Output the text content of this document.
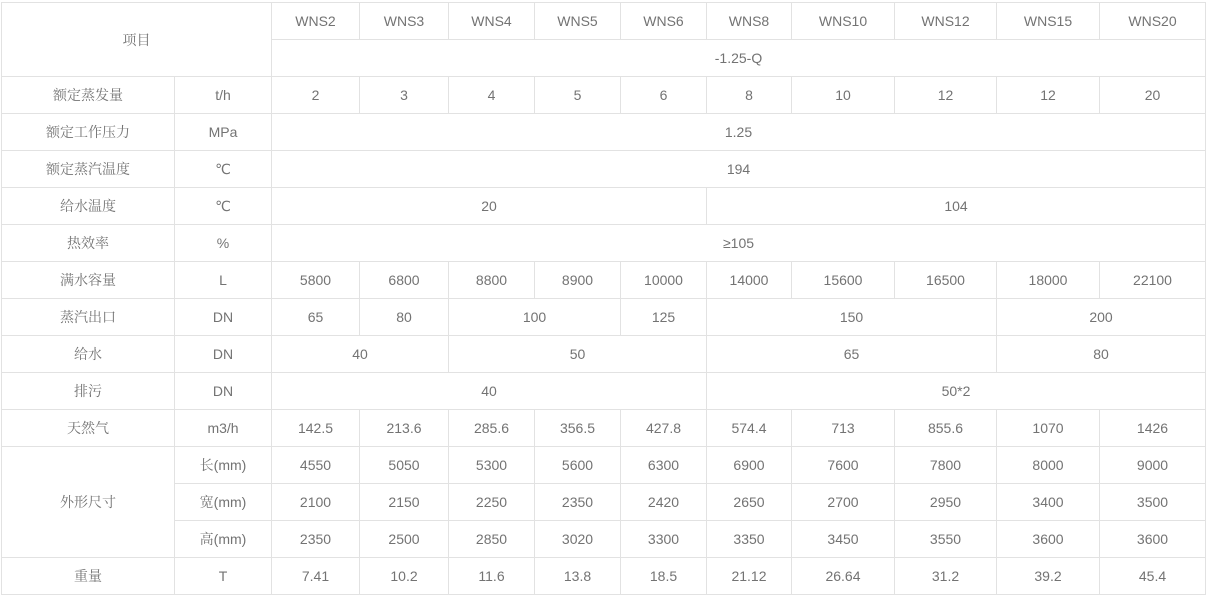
项目		WNS2	WNS3	WNS4	WNS5	WNS6	WNS8	WNS10	WNS12	WNS15	WNS20
		-1.25-Q									
额定蒸发量	t/h	2	3	4	5	6	8	10	12	12	20
额定工作压力	MPa	1.25									
额定蒸汽温度	℃	194									
给水温度	℃	20					104				
热效率	%	≥105									
满水容量	L	5800	6800	8800	8900	10000	14000	15600	16500	18000	22100
蒸汽出口	DN	65	80	100		125	150			200	
给水	DN	40		50			65			80	
排污	DN	40					50*2				
天然气	m3/h	142.5	213.6	285.6	356.5	427.8	574.4	713	855.6	1070	1426
外形尺寸	长(mm)	4550	5050	5300	5600	6300	6900	7600	7800	8000	9000
	宽(mm)	2100	2150	2250	2350	2420	2650	2700	2950	3400	3500
	高(mm)	2350	2500	2850	3020	3300	3350	3450	3550	3600	3600
重量	T	7.41	10.2	11.6	13.8	18.5	21.12	26.64	31.2	39.2	45.4
